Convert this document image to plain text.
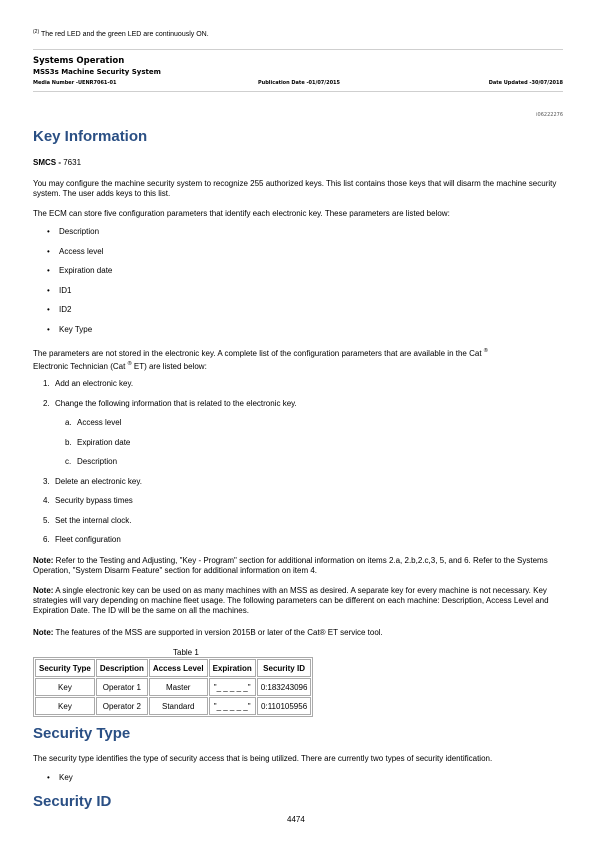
$^{(2)}$ The red LED and the green LED are continuously ON.
Systems Operation
MSS3s Machine Security System
Media Number -UENR7061-01	Publication Date -01/07/2015	Date Updated -30/07/2018
i06222276
Key Information

SMCS - 7631

You may configure the machine security system to recognize 255 authorized keys. This list contains those keys that will disarm the machine security system. The user adds keys to this list.

The ECM can store five configuration parameters that identify each electronic key. These parameters are listed below:

• Description
• Access level
• Expiration date
• ID1
• ID2
• Key Type

The parameters are not stored in the electronic key. A complete list of the configuration parameters that are available in the Cat ®
Electronic Technician (Cat ® ET) are listed below:

1. Add an electronic key.
2. Change the following information that is related to the electronic key.
a. Access level
b. Expiration date
c. Description
3. Delete an electronic key.
4. Security bypass times
5. Set the internal clock.
6. Fleet configuration

Note: Refer to the Testing and Adjusting, "Key - Program" section for additional information on items 2.a, 2.b,2.c,3, 5, and 6. Refer to the Systems Operation, "System Disarm Feature" section for additional information on item 4.

Note: A single electronic key can be used on as many machines with an MSS as desired. A separate key for every machine is not necessary. Key strategies will vary depending on machine fleet usage. The following parameters can be different on each machine: Description, Access Level and Expiration Date. The ID will be the same on all the machines.

Note: The features of the MSS are supported in version 2015B or later of the Cat® ET service tool.

Table 1
Security Type	Description	Access Level	Expiration	Security ID
Key	Operator 1	Master	"_ _ _ _ _"	0:183243096
Key	Operator 2	Standard	"_ _ _ _ _"	0:110105956
Security Type

The security type identifies the type of security access that is being utilized. There are currently two types of security identification.

• Key
Security ID
4474
